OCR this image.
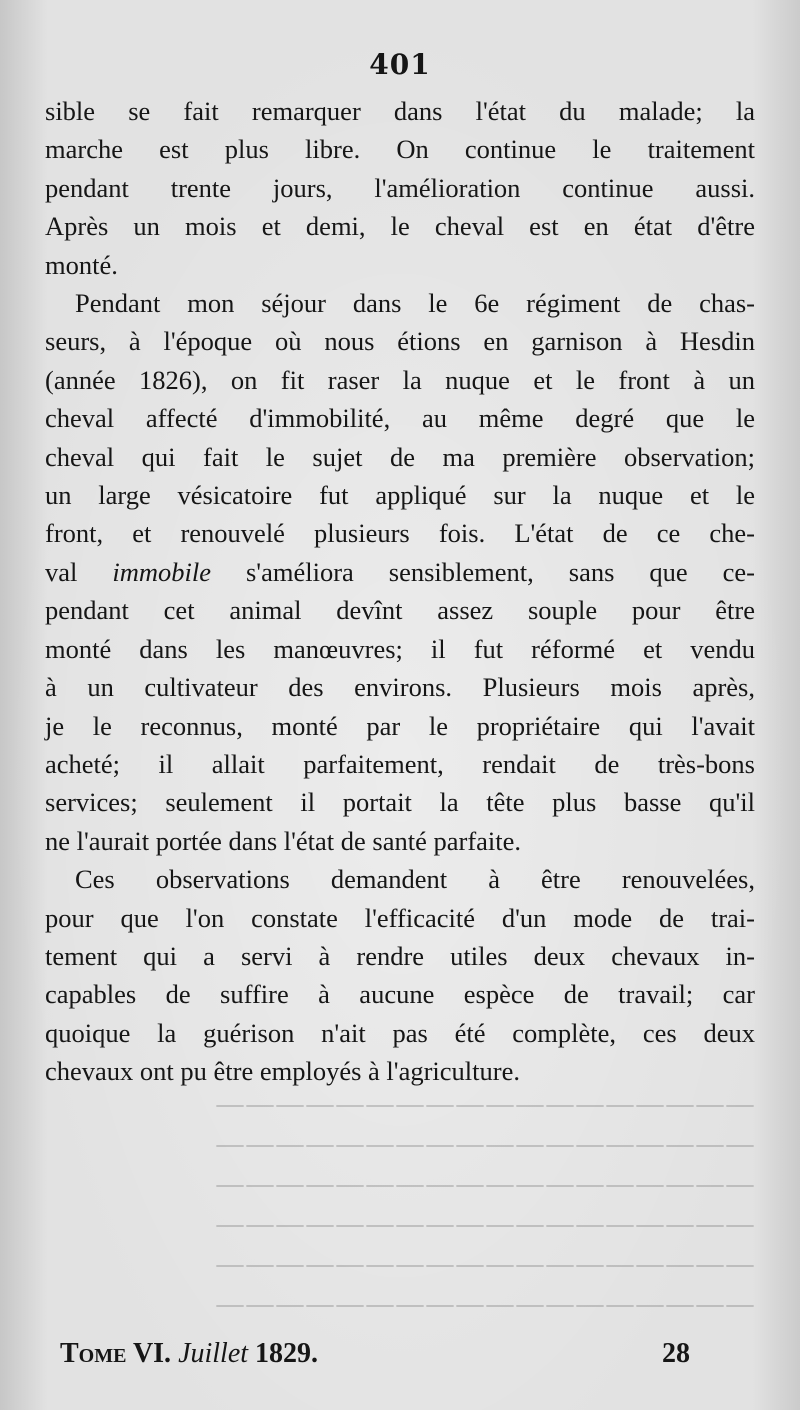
——————————————————
——————————————————
——————————————————
——————————————————
——————————————————
——————————————————
401
sible se fait remarquer dans l'état du malade; la
marche est plus libre. On continue le traitement
pendant trente jours, l'amélioration continue aussi.
Après un mois et demi, le cheval est en état d'être
monté.
Pendant mon séjour dans le 6e régiment de chas-
seurs, à l'époque où nous étions en garnison à Hesdin
(année 1826), on fit raser la nuque et le front à un
cheval affecté d'immobilité, au même degré que le
cheval qui fait le sujet de ma première observation;
un large vésicatoire fut appliqué sur la nuque et le
front, et renouvelé plusieurs fois. L'état de ce che-
val immobile s'améliora sensiblement, sans que ce-
pendant cet animal devînt assez souple pour être
monté dans les manœuvres; il fut réformé et vendu
à un cultivateur des environs. Plusieurs mois après,
je le reconnus, monté par le propriétaire qui l'avait
acheté; il allait parfaitement, rendait de très-bons
services; seulement il portait la tête plus basse qu'il
ne l'aurait portée dans l'état de santé parfaite.
Ces observations demandent à être renouvelées,
pour que l'on constate l'efficacité d'un mode de trai-
tement qui a servi à rendre utiles deux chevaux in-
capables de suffire à aucune espèce de travail; car
quoique la guérison n'ait pas été complète, ces deux
chevaux ont pu être employés à l'agriculture.
Tome VI. Juillet 1829.	28
